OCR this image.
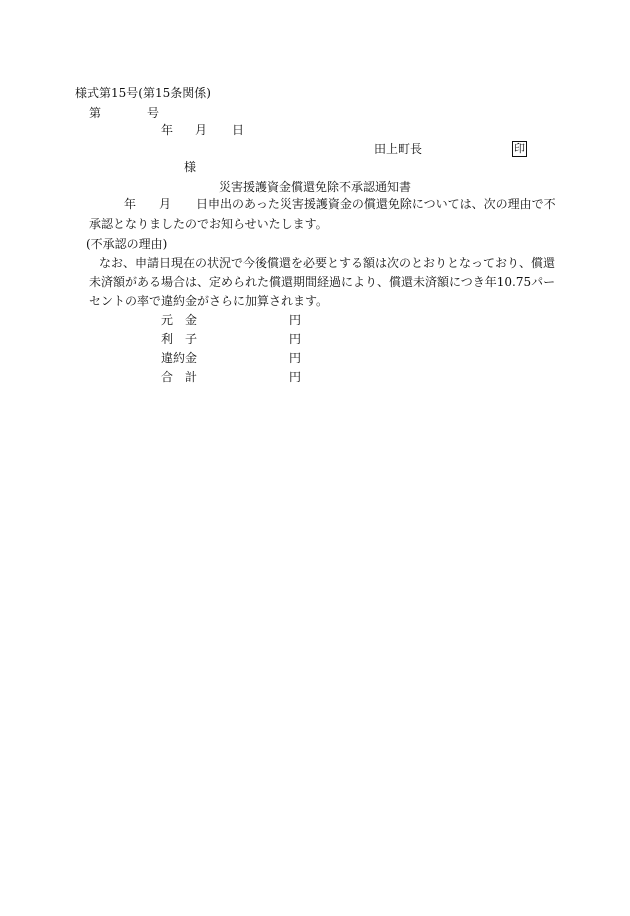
様式第15号(第15条関係)
第	号
年 月 日
田上町長	印
様
災害援護資金償還免除不承認通知書
年 月 日申出のあった災害援護資金の償還免除については、次の理由で不
承認となりましたのでお知らせいたします。
(不承認の理由)
なお、申請日現在の状況で今後償還を必要とする額は次のとおりとなっており、償還
未済額がある場合は、定められた償還期間経過により、償還未済額につき年10.75パー
セントの率で違約金がさらに加算されます。
元　金	円
利　子	円
違約金	円
合　計	円
